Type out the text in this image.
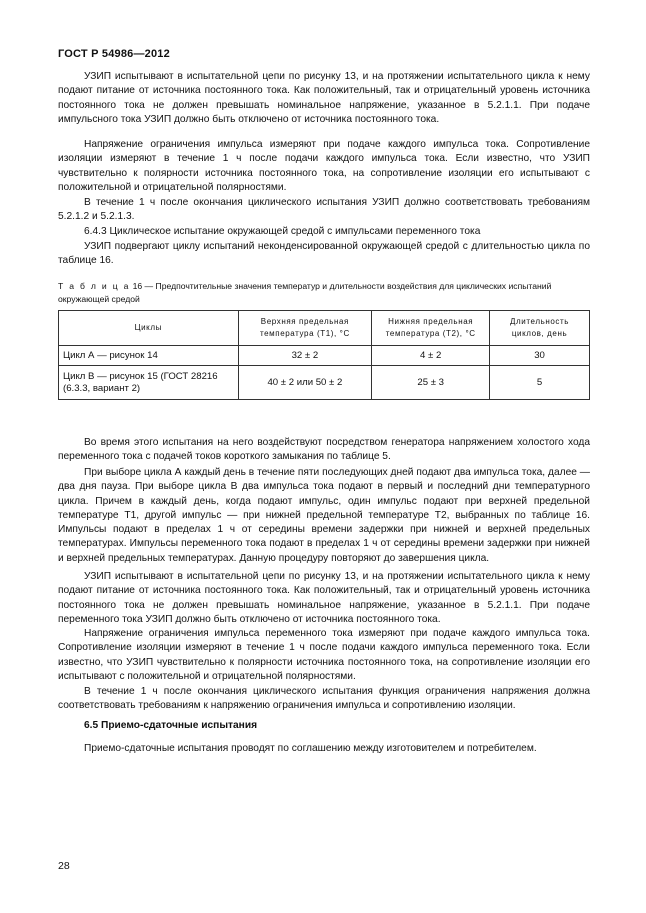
ГОСТ Р 54986—2012

УЗИП испытывают в испытательной цепи по рисунку 13, и на протяжении испытательного цикла к нему подают питание от источника постоянного тока. Как положительный, так и отрицательный уровень источника постоянного тока не должен превышать номинальное напряжение, указанное в 5.2.1.1. При подаче импульсного тока УЗИП должно быть отключено от источника постоянного тока.

Напряжение ограничения импульса измеряют при подаче каждого импульса тока. Сопротивление изоляции измеряют в течение 1 ч после подачи каждого импульса тока. Если известно, что УЗИП чувствительно к полярности источника постоянного тока, на сопротивление изоляции его испытывают с положительной и отрицательной полярностями.

В течение 1 ч после окончания циклического испытания УЗИП должно соответствовать требованиям 5.2.1.2 и 5.2.1.3.

6.4.3 Циклическое испытание окружающей средой с импульсами переменного тока

УЗИП подвергают циклу испытаний неконденсированной окружающей средой с длительностью цикла по таблице 16.

Т а б л и ц а 16 — Предпочтительные значения температур и длительности воздействия для циклических испытаний окружающей средой

Циклы	Верхняя предельная температура (T1), °С	Нижняя предельная температура (T2), °С	Длительность циклов, день
Цикл А — рисунок 14	32 ± 2	4 ± 2	30
Цикл В — рисунок 15 (ГОСТ 28216 (6.3.3, вариант 2)	40 ± 2 или 50 ± 2	25 ± 3	5

Во время этого испытания на него воздействуют посредством генератора напряжением холостого хода переменного тока с подачей токов короткого замыкания по таблице 5.

При выборе цикла А каждый день в течение пяти последующих дней подают два импульса тока, далее — два дня пауза. При выборе цикла В два импульса тока подают в первый и последний дни температурного цикла. Причем в каждый день, когда подают импульс, один импульс подают при верхней предельной температуре Т1, другой импульс — при нижней предельной температуре Т2, выбранных по таблице 16. Импульсы подают в пределах 1 ч от середины времени задержки при нижней и верхней предельных температурах. Импульсы переменного тока подают в пределах 1 ч от середины времени задержки при нижней и верхней предельных температурах. Данную процедуру повторяют до завершения цикла.

УЗИП испытывают в испытательной цепи по рисунку 13, и на протяжении испытательного цикла к нему подают питание от источника постоянного тока. Как положительный, так и отрицательный уровень источника постоянного тока не должен превышать номинальное напряжение, указанное в 5.2.1.1. При подаче переменного тока УЗИП должно быть отключено от источника постоянного тока.

Напряжение ограничения импульса переменного тока измеряют при подаче каждого импульса тока. Сопротивление изоляции измеряют в течение 1 ч после подачи каждого импульса переменного тока. Если известно, что УЗИП чувствительно к полярности источника постоянного тока, на сопротивление изоляции его испытывают с положительной и отрицательной полярностями.

В течение 1 ч после окончания циклического испытания функция ограничения напряжения должна соответствовать требованиям к напряжению ограничения импульса и сопротивлению изоляции.

6.5 Приемо-сдаточные испытания

Приемо-сдаточные испытания проводят по соглашению между изготовителем и потребителем.

28
